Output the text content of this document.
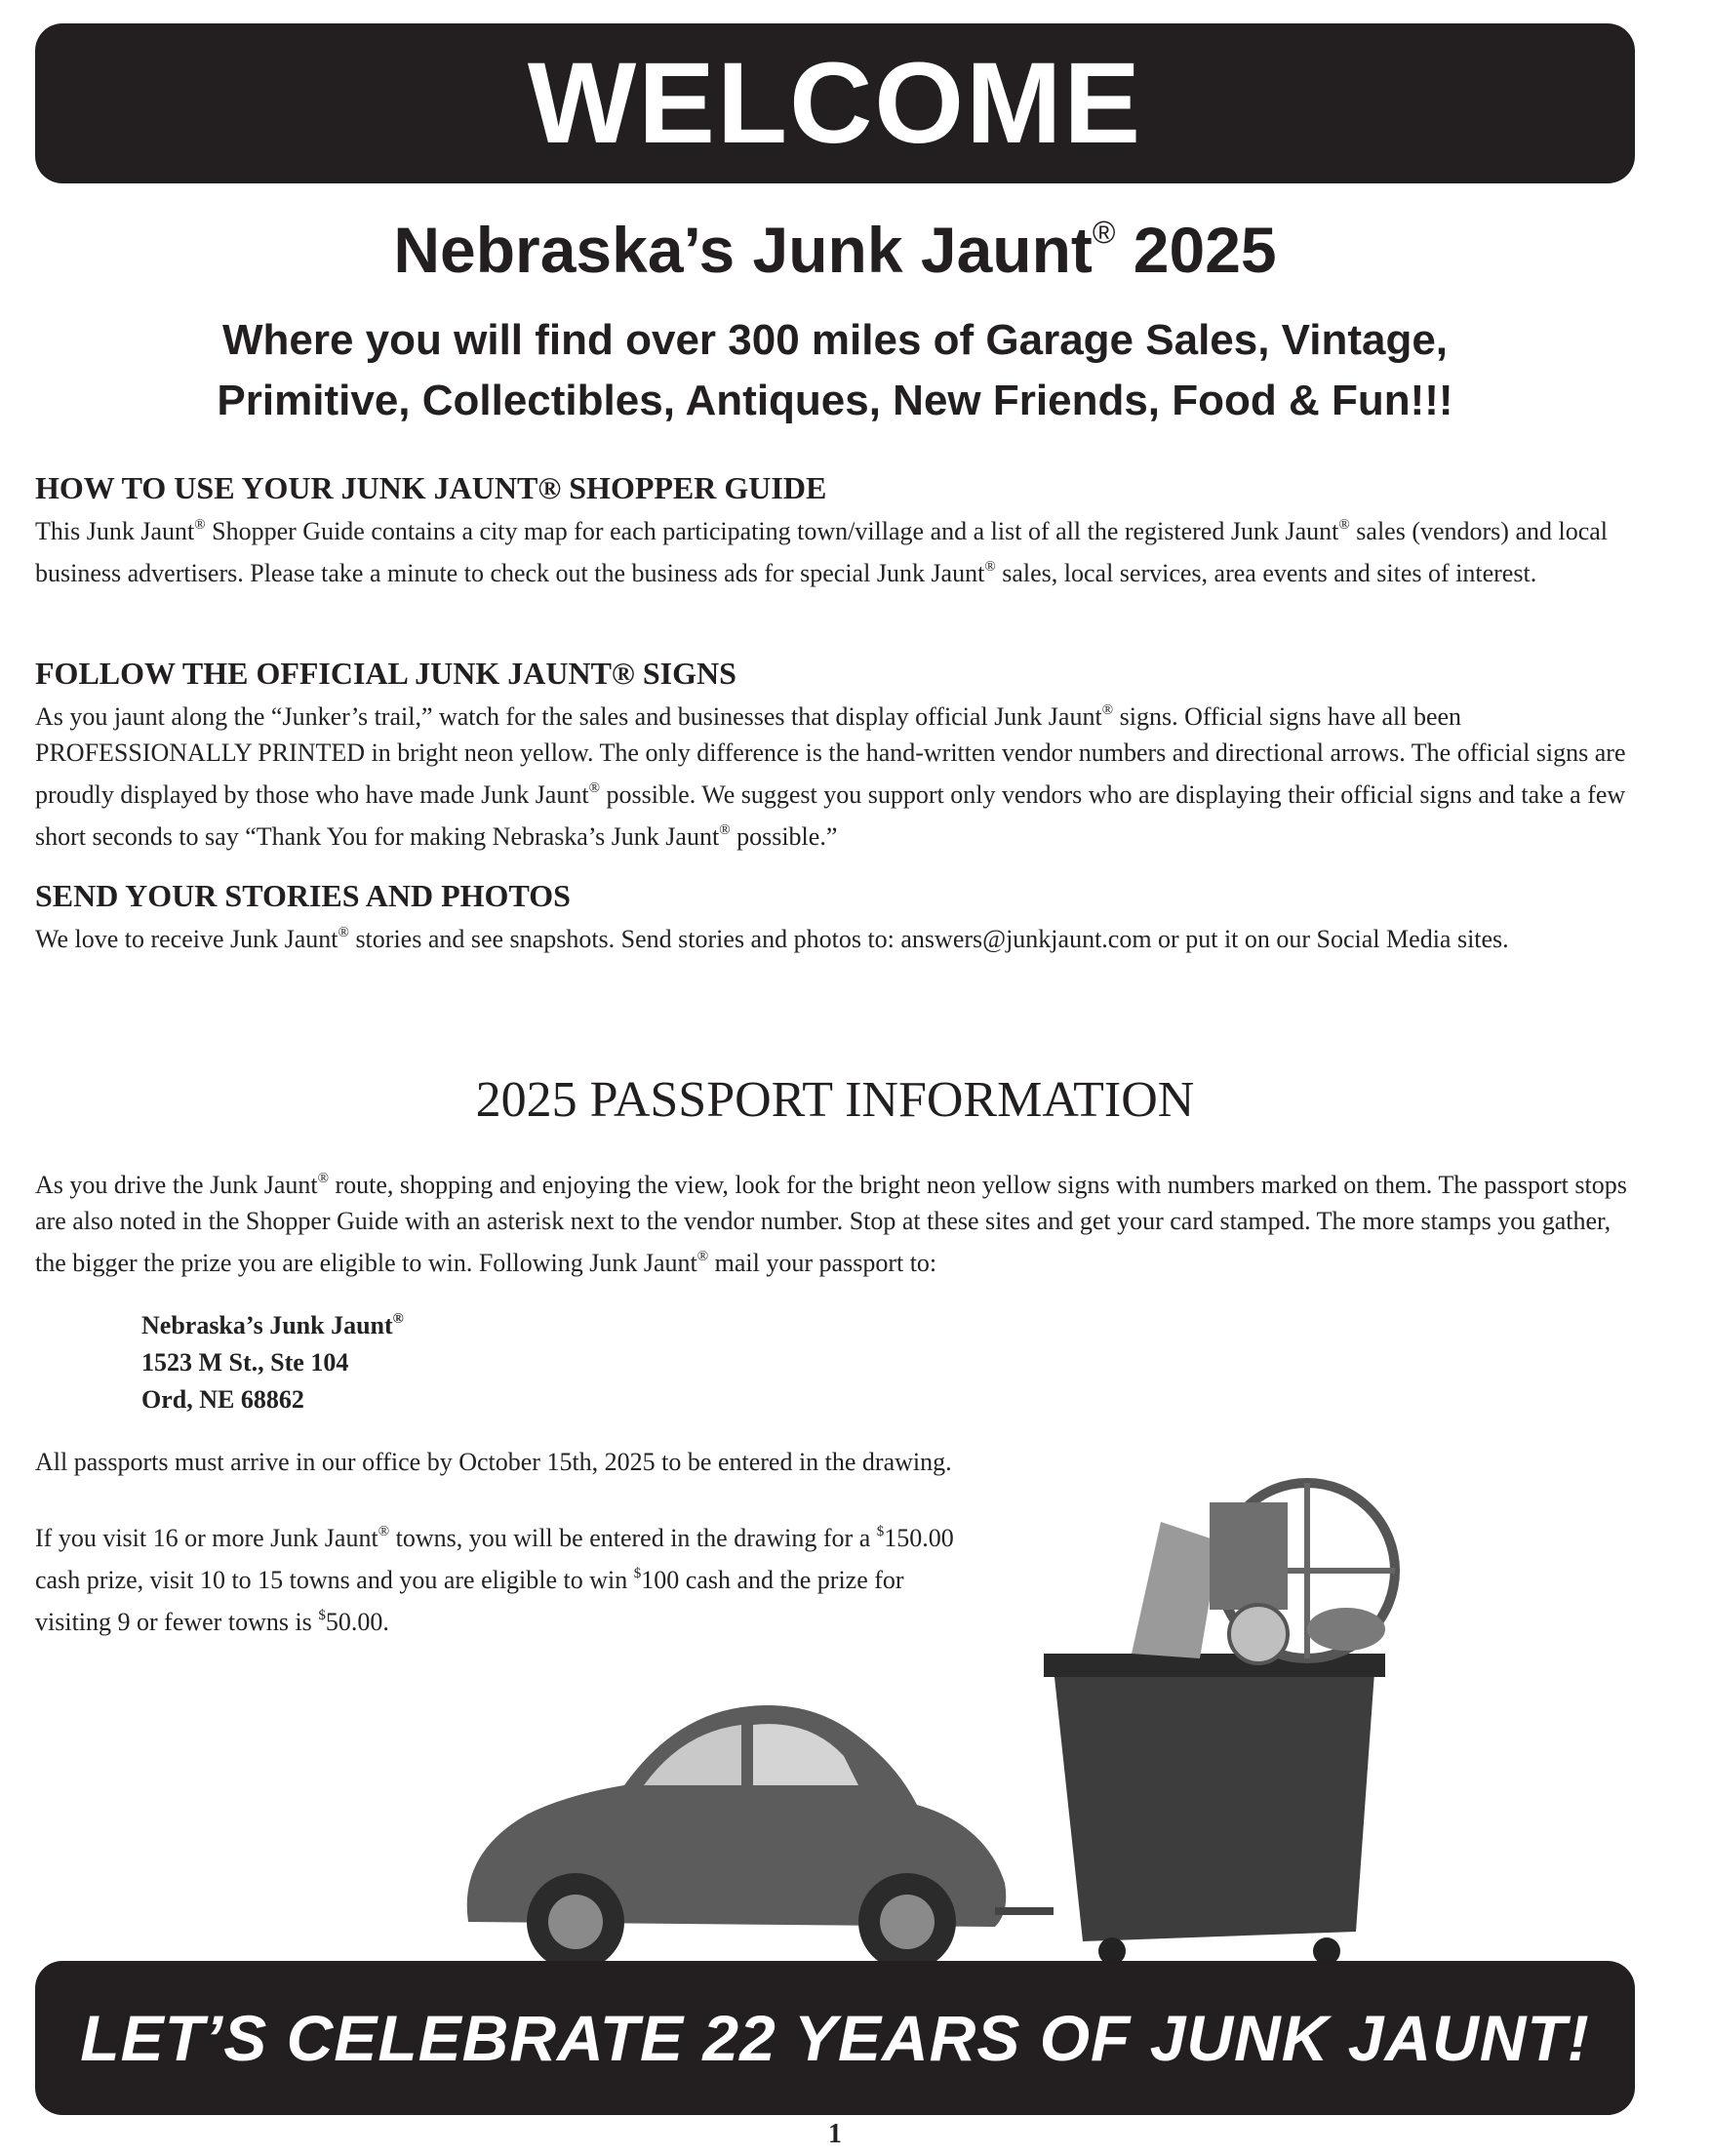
WELCOME
Nebraska’s Junk Jaunt® 2025
Where you will find over 300 miles of Garage Sales, Vintage,
Primitive, Collectibles, Antiques, New Friends, Food & Fun!!!
HOW TO USE YOUR JUNK JAUNT® SHOPPER GUIDE

This Junk Jaunt® Shopper Guide contains a city map for each participating town/village and a list of all the registered Junk Jaunt® sales (vendors) and local business advertisers. Please take a minute to check out the business ads for special Junk Jaunt® sales, local services, area events and sites of interest.

FOLLOW THE OFFICIAL JUNK JAUNT® SIGNS

As you jaunt along the “Junker’s trail,” watch for the sales and businesses that display official Junk Jaunt® signs. Official signs have all been PROFESSIONALLY PRINTED in bright neon yellow. The only difference is the hand-written vendor numbers and directional arrows. The official signs are proudly displayed by those who have made Junk Jaunt® possible. We suggest you support only vendors who are displaying their official signs and take a few short seconds to say “Thank You for making Nebraska’s Junk Jaunt® possible.”

SEND YOUR STORIES AND PHOTOS

We love to receive Junk Jaunt® stories and see snapshots. Send stories and photos to: answers@junkjaunt.com or put it on our Social Media sites.

2025 PASSPORT INFORMATION
As you drive the Junk Jaunt® route, shopping and enjoying the view, look for the bright neon yellow signs with numbers marked on them. The passport stops are also noted in the Shopper Guide with an asterisk next to the vendor number. Stop at these sites and get your card stamped. The more stamps you gather, the bigger the prize you are eligible to win. Following Junk Jaunt® mail your passport to:
Nebraska’s Junk Jaunt®
1523 M St., Ste 104
Ord, NE 68862
All passports must arrive in our office by October 15th, 2025 to be entered in the drawing.
If you visit 16 or more Junk Jaunt® towns, you will be entered in the drawing for a $150.00
cash prize, visit 10 to 15 towns and you are eligible to win $100 cash and the prize for
visiting 9 or fewer towns is $50.00.
LET’S CELEBRATE 22 YEARS OF JUNK JAUNT!
1
